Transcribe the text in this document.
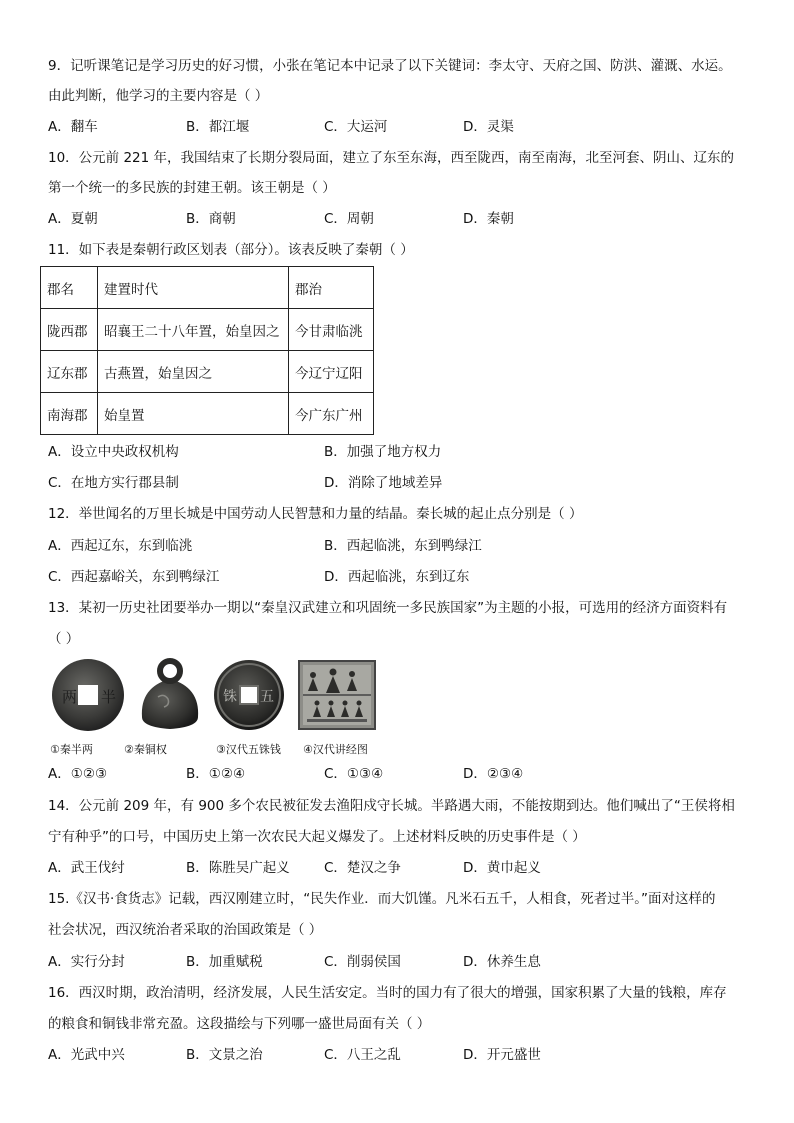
9．记听课笔记是学习历史的好习惯，小张在笔记本中记录了以下关键词：李太守、天府之国、防洪、灌溉、水运。
由此判断，他学习的主要内容是（ ）
A．翻车	B．都江堰	C．大运河	D．灵渠
10．公元前 221 年，我国结束了长期分裂局面，建立了东至东海，西至陇西，南至南海，北至河套、阴山、辽东的
第一个统一的多民族的封建王朝。该王朝是（ ）
A．夏朝	B．商朝	C．周朝	D．秦朝
11．如下表是秦朝行政区划表（部分）。该表反映了秦朝（ ）
郡名	建置时代	郡治
陇西郡	昭襄王二十八年置，始皇因之	今甘肃临洮
辽东郡	古燕置，始皇因之	今辽宁辽阳
南海郡	始皇置	今广东广州
A．设立中央政权机构	B．加强了地方权力
C．在地方实行郡县制	D．消除了地域差异
12．举世闻名的万里长城是中国劳动人民智慧和力量的结晶。秦长城的起止点分别是（ ）
A．西起辽东，东到临洮	B．西起临洮，东到鸭绿江
C．西起嘉峪关，东到鸭绿江	D．西起临洮，东到辽东
13．某初一历史社团要举办一期以“秦皇汉武建立和巩固统一多民族国家”为主题的小报，可选用的经济方面资料有
（ ）
两 半	五
铢
①秦半两	②秦铜权	③汉代五铢钱 ④汉代讲经图
A．①②③	B．①②④	C．①③④	D．②③④
14．公元前 209 年，有 900 多个农民被征发去渔阳戍守长城。半路遇大雨，不能按期到达。他们喊出了“王侯将相
宁有种乎”的口号，中国历史上第一次农民大起义爆发了。上述材料反映的历史事件是（ ）
A．武王伐纣	B．陈胜吴广起义	C．楚汉之争	D．黄巾起义
15.《汉书·食货志》记载，西汉刚建立时，“民失作业．而大饥馑。凡米石五千，人相食，死者过半。”面对这样的
社会状况，西汉统治者采取的治国政策是（ ）
A．实行分封	B．加重赋税	C．削弱侯国	D．休养生息
16．西汉时期，政治清明，经济发展，人民生活安定。当时的国力有了很大的增强，国家积累了大量的钱粮，库存
的粮食和铜钱非常充盈。这段描绘与下列哪一盛世局面有关（ ）
A．光武中兴	B．文景之治	C．八王之乱	D．开元盛世
